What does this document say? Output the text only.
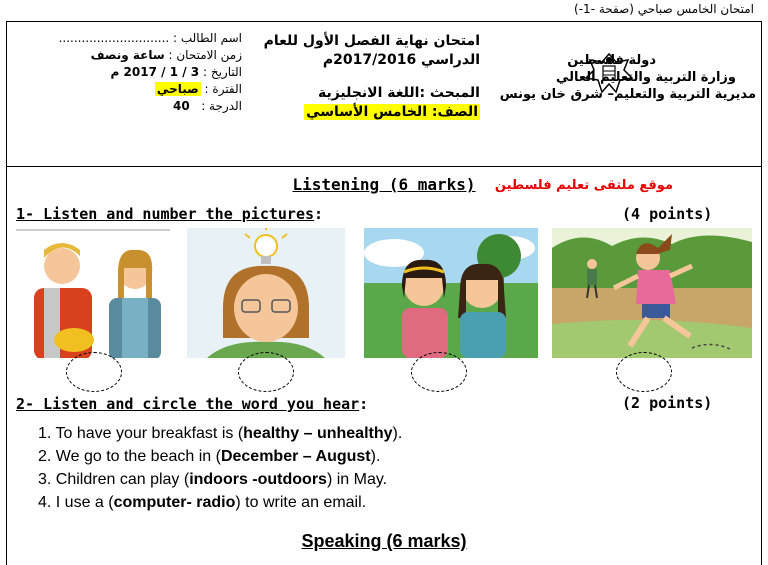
امتحان الخامس صباحي (صفحة -1-)
اسم الطالب : .............................
زمن الامتحان : ساعة ونصف
التاريخ : 3 / 1 / 2017 م
الفترة : صباحي
الدرجة :   40
امتحان نهاية الفصل الأول للعام
الدراسي 2017/2016م
المبحث :اللغة الانجليزية
الصف: الخامس الأساسي
دولة فلسطين
وزارة التربية والتعليم العالي
مديرية التربية والتعليم– شرق خان يونس
Listening (6 marks)	موقع ملتقى تعليم فلسطين
1- Listen and number the pictures:	(4 points)
2- Listen and circle the word you hear:	(2 points)
1. To have your breakfast is (healthy – unhealthy).
2. We go to the beach in (December – August).
3. Children can play (indoors -outdoors) in May.
4. I use a (computer- radio) to write an email.
Speaking (6 marks)
